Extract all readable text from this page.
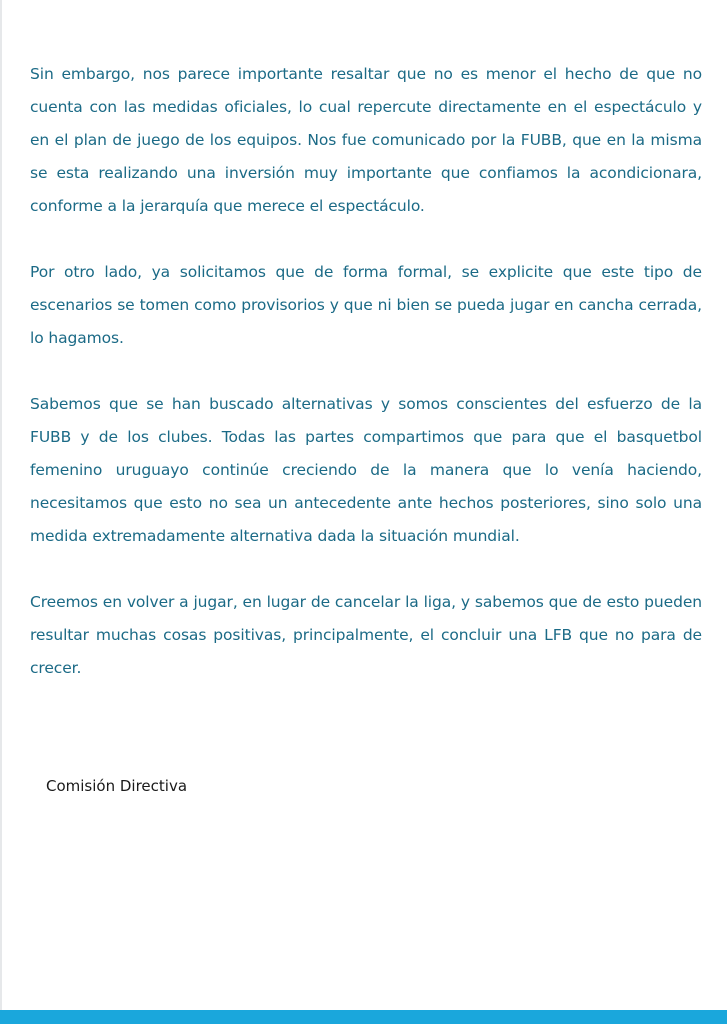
Sin embargo, nos parece importante resaltar que no es menor el hecho de que no cuenta con las medidas oficiales, lo cual repercute directamente en el espectáculo y en el plan de juego de los equipos. Nos fue comunicado por la FUBB, que en la misma se esta realizando una inversión muy importante que confiamos la acondicionara, conforme a la jerarquía que merece el espectáculo.

Por otro lado, ya solicitamos que de forma formal, se explicite que este tipo de escenarios se tomen como provisorios y que ni bien se pueda jugar en cancha cerrada, lo hagamos.

Sabemos que se han buscado alternativas y somos conscientes del esfuerzo de la FUBB y de los clubes. Todas las partes compartimos que para que el basquetbol femenino uruguayo continúe creciendo de la manera que lo venía haciendo, necesitamos que esto no sea un antecedente ante hechos posteriores, sino solo una medida extremadamente alternativa dada la situación mundial.

Creemos en volver a jugar, en lugar de cancelar la liga, y sabemos que de esto pueden resultar muchas cosas positivas, principalmente, el concluir una LFB que no para de crecer.

Comisión Directiva
